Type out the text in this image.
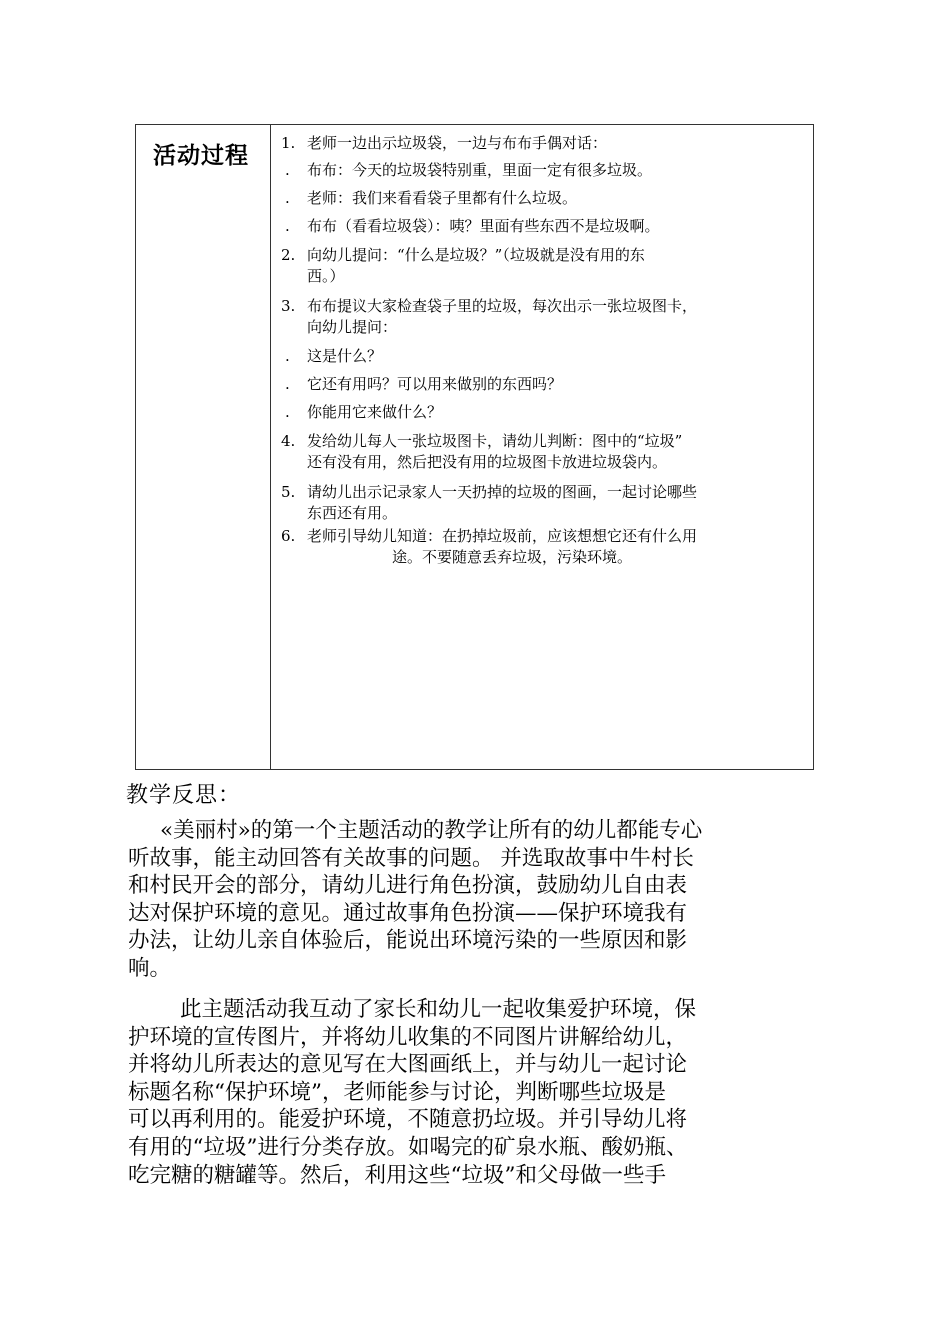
活动过程 1. 老师一边出示垃圾袋，一边与布布手偶对话：
. 布布：今天的垃圾袋特别重，里面一定有很多垃圾。
. 老师：我们来看看袋子里都有什么垃圾。
. 布布（看看垃圾袋）：咦？里面有些东西不是垃圾啊。
2. 向幼儿提问：“什么是垃圾？”（垃圾就是没有用的东
西。）
3. 布布提议大家检查袋子里的垃圾，每次出示一张垃圾图卡，
向幼儿提问：
. 这是什么？
. 它还有用吗？可以用来做别的东西吗？
. 你能用它来做什么？
4. 发给幼儿每人一张垃圾图卡，请幼儿判断：图中的“垃圾”
还有没有用，然后把没有用的垃圾图卡放进垃圾袋内。
5. 请幼儿出示记录家人一天扔掉的垃圾的图画，一起讨论哪些
东西还有用。
6. 老师引导幼儿知道：在扔掉垃圾前，应该想想它还有什么用
途。不要随意丢弃垃圾，污染环境。
教学反思：
«美丽村»的第一个主题活动的教学让所有的幼儿都能专心
听故事，能主动回答有关故事的问题。 并选取故事中牛村长
和村民开会的部分，请幼儿进行角色扮演，鼓励幼儿自由表
达对保护环境的意见。通过故事角色扮演——保护环境我有
办法，让幼儿亲自体验后，能说出环境污染的一些原因和影
响。
此主题活动我互动了家长和幼儿一起收集爱护环境，保
护环境的宣传图片，并将幼儿收集的不同图片讲解给幼儿，
并将幼儿所表达的意见写在大图画纸上，并与幼儿一起讨论
标题名称“保护环境”，老师能参与讨论，判断哪些垃圾是
可以再利用的。能爱护环境，不随意扔垃圾。并引导幼儿将
有用的“垃圾”进行分类存放。如喝完的矿泉水瓶、酸奶瓶、
吃完糖的糖罐等。然后，利用这些“垃圾”和父母做一些手
